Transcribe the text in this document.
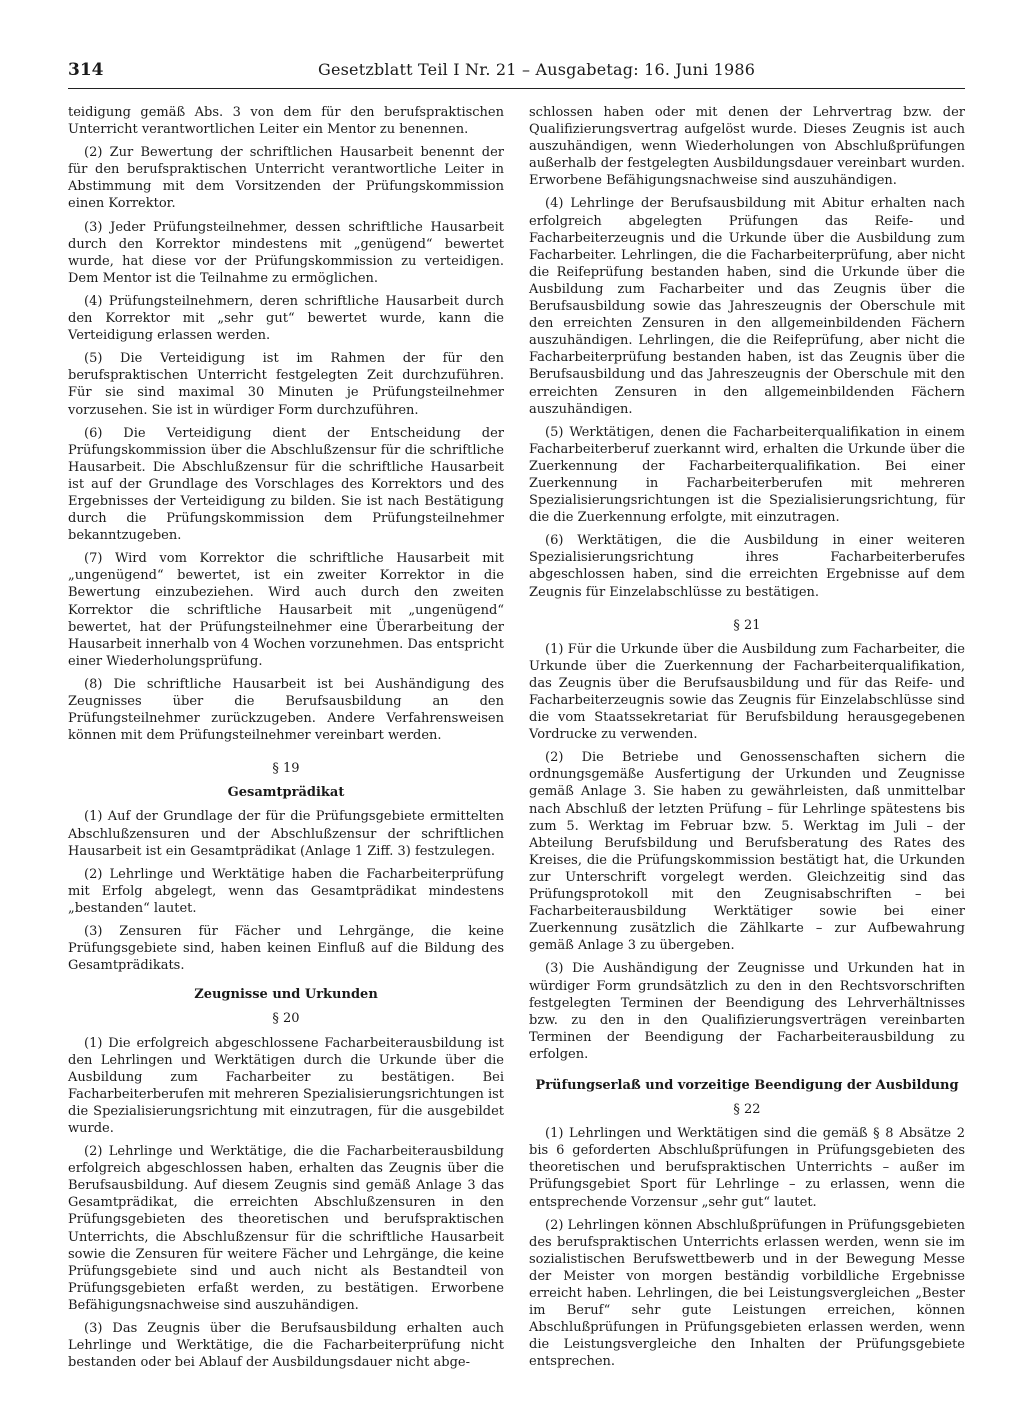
314	Gesetzblatt Teil I Nr. 21 – Ausgabetag: 16. Juni 1986

teidigung gemäß Abs. 3 von dem für den berufspraktischen Unterricht verantwortlichen Leiter ein Mentor zu benennen.

(2) Zur Bewertung der schriftlichen Hausarbeit benennt der für den berufspraktischen Unterricht verantwortliche Leiter in Abstimmung mit dem Vorsitzenden der Prüfungskommission einen Korrektor.

(3) Jeder Prüfungsteilnehmer, dessen schriftliche Hausarbeit durch den Korrektor mindestens mit „genügend“ bewertet wurde, hat diese vor der Prüfungskommission zu verteidigen. Dem Mentor ist die Teilnahme zu ermöglichen.

(4) Prüfungsteilnehmern, deren schriftliche Hausarbeit durch den Korrektor mit „sehr gut“ bewertet wurde, kann die Verteidigung erlassen werden.

(5) Die Verteidigung ist im Rahmen der für den berufspraktischen Unterricht festgelegten Zeit durchzuführen. Für sie sind maximal 30 Minuten je Prüfungsteilnehmer vorzusehen. Sie ist in würdiger Form durchzuführen.

(6) Die Verteidigung dient der Entscheidung der Prüfungskommission über die Abschlußzensur für die schriftliche Hausarbeit. Die Abschlußzensur für die schriftliche Hausarbeit ist auf der Grundlage des Vorschlages des Korrektors und des Ergebnisses der Verteidigung zu bilden. Sie ist nach Bestätigung durch die Prüfungskommission dem Prüfungsteilnehmer bekanntzugeben.

(7) Wird vom Korrektor die schriftliche Hausarbeit mit „ungenügend“ bewertet, ist ein zweiter Korrektor in die Bewertung einzubeziehen. Wird auch durch den zweiten Korrektor die schriftliche Hausarbeit mit „ungenügend“ bewertet, hat der Prüfungsteilnehmer eine Überarbeitung der Hausarbeit innerhalb von 4 Wochen vorzunehmen. Das entspricht einer Wiederholungsprüfung.

(8) Die schriftliche Hausarbeit ist bei Aushändigung des Zeugnisses über die Berufsausbildung an den Prüfungsteilnehmer zurückzugeben. Andere Verfahrensweisen können mit dem Prüfungsteilnehmer vereinbart werden.

§ 19
Gesamtprädikat

(1) Auf der Grundlage der für die Prüfungsgebiete ermittelten Abschlußzensuren und der Abschlußzensur der schriftlichen Hausarbeit ist ein Gesamtprädikat (Anlage 1 Ziff. 3) festzulegen.

(2) Lehrlinge und Werktätige haben die Facharbeiterprüfung mit Erfolg abgelegt, wenn das Gesamtprädikat mindestens „bestanden“ lautet.

(3) Zensuren für Fächer und Lehrgänge, die keine Prüfungsgebiete sind, haben keinen Einfluß auf die Bildung des Gesamtprädikats.

Zeugnisse und Urkunden
§ 20

(1) Die erfolgreich abgeschlossene Facharbeiterausbildung ist den Lehrlingen und Werktätigen durch die Urkunde über die Ausbildung zum Facharbeiter zu bestätigen. Bei Facharbeiterberufen mit mehreren Spezialisierungsrichtungen ist die Spezialisierungsrichtung mit einzutragen, für die ausgebildet wurde.

(2) Lehrlinge und Werktätige, die die Facharbeiterausbildung erfolgreich abgeschlossen haben, erhalten das Zeugnis über die Berufsausbildung. Auf diesem Zeugnis sind gemäß Anlage 3 das Gesamtprädikat, die erreichten Abschlußzensuren in den Prüfungsgebieten des theoretischen und berufspraktischen Unterrichts, die Abschlußzensur für die schriftliche Hausarbeit sowie die Zensuren für weitere Fächer und Lehrgänge, die keine Prüfungsgebiete sind und auch nicht als Bestandteil von Prüfungsgebieten erfaßt werden, zu bestätigen. Erworbene Befähigungsnachweise sind auszuhändigen.

(3) Das Zeugnis über die Berufsausbildung erhalten auch Lehrlinge und Werktätige, die die Facharbeiterprüfung nicht bestanden oder bei Ablauf der Ausbildungsdauer nicht abge-

schlossen haben oder mit denen der Lehrvertrag bzw. der Qualifizierungsvertrag aufgelöst wurde. Dieses Zeugnis ist auch auszuhändigen, wenn Wiederholungen von Abschlußprüfungen außerhalb der festgelegten Ausbildungsdauer vereinbart wurden. Erworbene Befähigungsnachweise sind auszuhändigen.

(4) Lehrlinge der Berufsausbildung mit Abitur erhalten nach erfolgreich abgelegten Prüfungen das Reife- und Facharbeiterzeugnis und die Urkunde über die Ausbildung zum Facharbeiter. Lehrlingen, die die Facharbeiterprüfung, aber nicht die Reifeprüfung bestanden haben, sind die Urkunde über die Ausbildung zum Facharbeiter und das Zeugnis über die Berufsausbildung sowie das Jahreszeugnis der Oberschule mit den erreichten Zensuren in den allgemeinbildenden Fächern auszuhändigen. Lehrlingen, die die Reifeprüfung, aber nicht die Facharbeiterprüfung bestanden haben, ist das Zeugnis über die Berufsausbildung und das Jahreszeugnis der Oberschule mit den erreichten Zensuren in den allgemeinbildenden Fächern auszuhändigen.

(5) Werktätigen, denen die Facharbeiterqualifikation in einem Facharbeiterberuf zuerkannt wird, erhalten die Urkunde über die Zuerkennung der Facharbeiterqualifikation. Bei einer Zuerkennung in Facharbeiterberufen mit mehreren Spezialisierungsrichtungen ist die Spezialisierungsrichtung, für die die Zuerkennung erfolgte, mit einzutragen.

(6) Werktätigen, die die Ausbildung in einer weiteren Spezialisierungsrichtung ihres Facharbeiterberufes abgeschlossen haben, sind die erreichten Ergebnisse auf dem Zeugnis für Einzelabschlüsse zu bestätigen.

§ 21

(1) Für die Urkunde über die Ausbildung zum Facharbeiter, die Urkunde über die Zuerkennung der Facharbeiterqualifikation, das Zeugnis über die Berufsausbildung und für das Reife- und Facharbeiterzeugnis sowie das Zeugnis für Einzelabschlüsse sind die vom Staatssekretariat für Berufsbildung herausgegebenen Vordrucke zu verwenden.

(2) Die Betriebe und Genossenschaften sichern die ordnungsgemäße Ausfertigung der Urkunden und Zeugnisse gemäß Anlage 3. Sie haben zu gewährleisten, daß unmittelbar nach Abschluß der letzten Prüfung – für Lehrlinge spätestens bis zum 5. Werktag im Februar bzw. 5. Werktag im Juli – der Abteilung Berufsbildung und Berufsberatung des Rates des Kreises, die die Prüfungskommission bestätigt hat, die Urkunden zur Unterschrift vorgelegt werden. Gleichzeitig sind das Prüfungsprotokoll mit den Zeugnisabschriften – bei Facharbeiterausbildung Werktätiger sowie bei einer Zuerkennung zusätzlich die Zählkarte – zur Aufbewahrung gemäß Anlage 3 zu übergeben.

(3) Die Aushändigung der Zeugnisse und Urkunden hat in würdiger Form grundsätzlich zu den in den Rechtsvorschriften festgelegten Terminen der Beendigung des Lehrverhältnisses bzw. zu den in den Qualifizierungsverträgen vereinbarten Terminen der Beendigung der Facharbeiterausbildung zu erfolgen.

Prüfungserlaß und vorzeitige Beendigung der Ausbildung
§ 22

(1) Lehrlingen und Werktätigen sind die gemäß § 8 Absätze 2 bis 6 geforderten Abschlußprüfungen in Prüfungsgebieten des theoretischen und berufspraktischen Unterrichts – außer im Prüfungsgebiet Sport für Lehrlinge – zu erlassen, wenn die entsprechende Vorzensur „sehr gut“ lautet.

(2) Lehrlingen können Abschlußprüfungen in Prüfungsgebieten des berufspraktischen Unterrichts erlassen werden, wenn sie im sozialistischen Berufswettbewerb und in der Bewegung Messe der Meister von morgen beständig vorbildliche Ergebnisse erreicht haben. Lehrlingen, die bei Leistungsvergleichen „Bester im Beruf“ sehr gute Leistungen erreichen, können Abschlußprüfungen in Prüfungsgebieten erlassen werden, wenn die Leistungsvergleiche den Inhalten der Prüfungsgebiete entsprechen.
